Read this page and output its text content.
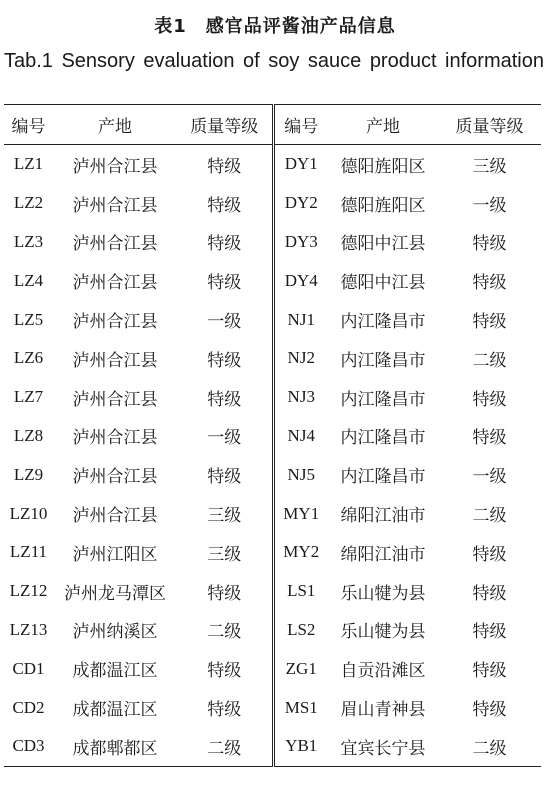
表1　感官品评酱油产品信息
Tab.1 Sensory evaluation of soy sauce product information
编号	产地	质量等级	编号	产地	质量等级
LZ1	泸州合江县	特级	DY1	德阳旌阳区	三级
LZ2	泸州合江县	特级	DY2	德阳旌阳区	一级
LZ3	泸州合江县	特级	DY3	德阳中江县	特级
LZ4	泸州合江县	特级	DY4	德阳中江县	特级
LZ5	泸州合江县	一级	NJ1	内江隆昌市	特级
LZ6	泸州合江县	特级	NJ2	内江隆昌市	二级
LZ7	泸州合江县	特级	NJ3	内江隆昌市	特级
LZ8	泸州合江县	一级	NJ4	内江隆昌市	特级
LZ9	泸州合江县	特级	NJ5	内江隆昌市	一级
LZ10	泸州合江县	三级	MY1	绵阳江油市	二级
LZ11	泸州江阳区	三级	MY2	绵阳江油市	特级
LZ12	泸州龙马潭区	特级	LS1	乐山犍为县	特级
LZ13	泸州纳溪区	二级	LS2	乐山犍为县	特级
CD1	成都温江区	特级	ZG1	自贡沿滩区	特级
CD2	成都温江区	特级	MS1	眉山青神县	特级
CD3	成都郫都区	二级	YB1	宜宾长宁县	二级
